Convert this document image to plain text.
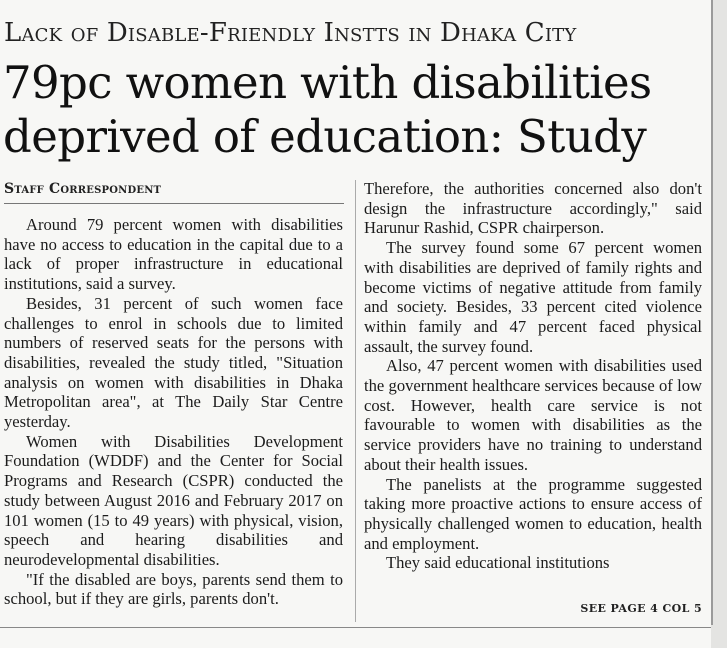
Lack of Disable-Friendly Instts in Dhaka City
79pc women with disabilities
deprived of education: Study
Staff Correspondent

Around 79 percent women with disabilities have no access to education in the capital due to a lack of proper infrastructure in educational institutions, said a survey.

Besides, 31 percent of such women face challenges to enrol in schools due to limited numbers of reserved seats for the persons with disabilities, revealed the study titled, "Situation analysis on women with disabilities in Dhaka Metropolitan area", at The Daily Star Centre yesterday.

Women with Disabilities Development Foundation (WDDF) and the Center for Social Programs and Research (CSPR) conducted the study between August 2016 and February 2017 on 101 women (15 to 49 years) with physical, vision, speech and hearing disabilities and neurodevelopmental disabilities.

"If the disabled are boys, parents send them to school, but if they are girls, parents don't.

Therefore, the authorities concerned also don't design the infrastructure accordingly," said Harunur Rashid, CSPR chairperson.

The survey found some 67 percent women with disabilities are deprived of family rights and become victims of negative attitude from family and society. Besides, 33 percent cited violence within family and 47 percent faced physical assault, the survey found.

Also, 47 percent women with disabilities used the government healthcare services because of low cost. However, health care service is not favourable to women with disabilities as the service providers have no training to understand about their health issues.

The panelists at the programme suggested taking more proactive actions to ensure access of physically challenged women to education, health and employment.

They said educational institutions

SEE PAGE 4 COL 5
